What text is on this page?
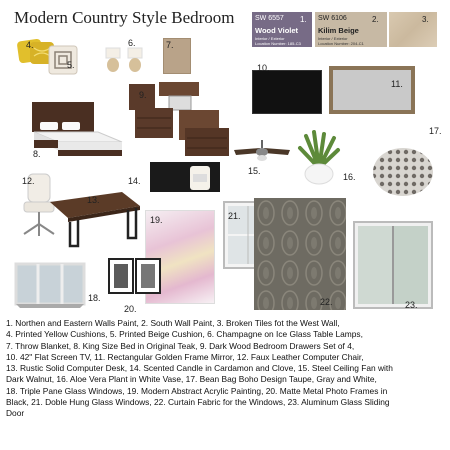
Modern Country Style Bedroom	SW 6557 1.
Wood Violet
Interior / Exterior
Location Number: 185-C3
SW 6106	2.
Kilim Beige
Interior / Exterior
Location Number: 204-C1
3.
4.
5.
6.	7.
8.
9.
10.
11.
12.
13.
14.
15.
16.
17.
18.
19.
20.
21.
22.	23.
1. Northen and Eastern Walls Paint, 2. South Wall Paint, 3. Broken Tiles fot the West Wall,
4. Printed Yellow Cushions, 5. Printed Beige Cushion, 6. Champagne on Ice Glass Table Lamps,
7. Throw Blanket, 8. King Size Bed in Original Teak, 9. Dark Wood Bedroom Drawers Set of 4,
10. 42" Flat Screen TV, 11. Rectangular Golden Frame Mirror, 12. Faux Leather Computer Chair,
13. Rustic Solid Computer Desk, 14. Scented Candle in Cardamon and Clove, 15. Steel Ceiling Fan with
Dark Walnut, 16. Aloe Vera Plant in White Vase, 17. Bean Bag Boho Design Taupe, Gray and White,
18. Triple Pane Glass Windows, 19. Modern Abstract Acrylic Painting, 20. Matte Metal Photo Frames in
Black, 21. Doble Hung Glass Windows, 22. Curtain Fabric for the Windows, 23. Aluminum Glass Sliding
Door
